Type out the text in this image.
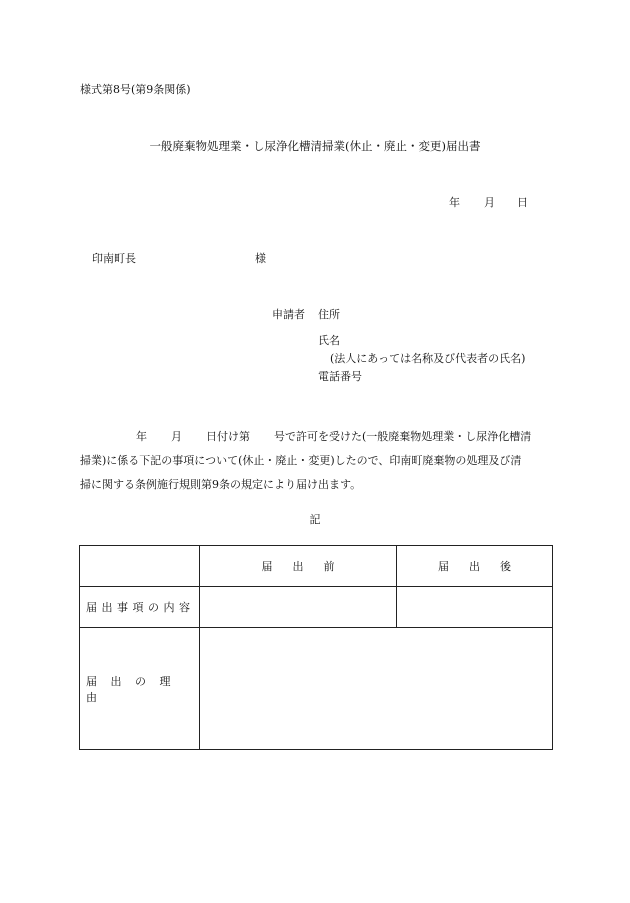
様式第8号(第9条関係)
一般廃棄物処理業・し尿浄化槽清掃業(休止・廃止・変更)届出書
年 月 日
印南町長	様
申請者 住所
氏名
(法人にあっては名称及び代表者の氏名)
電話番号
年 月 日付け第 号で許可を受けた(一般廃棄物処理業・し尿浄化槽清
掃業)に係る下記の事項について(休止・廃止・変更)したので、印南町廃棄物の処理及び清
掃に関する条例施行規則第9条の規定により届け出ます。
記
	届出前	届出後
届出事項の内容		
届出の理由		
